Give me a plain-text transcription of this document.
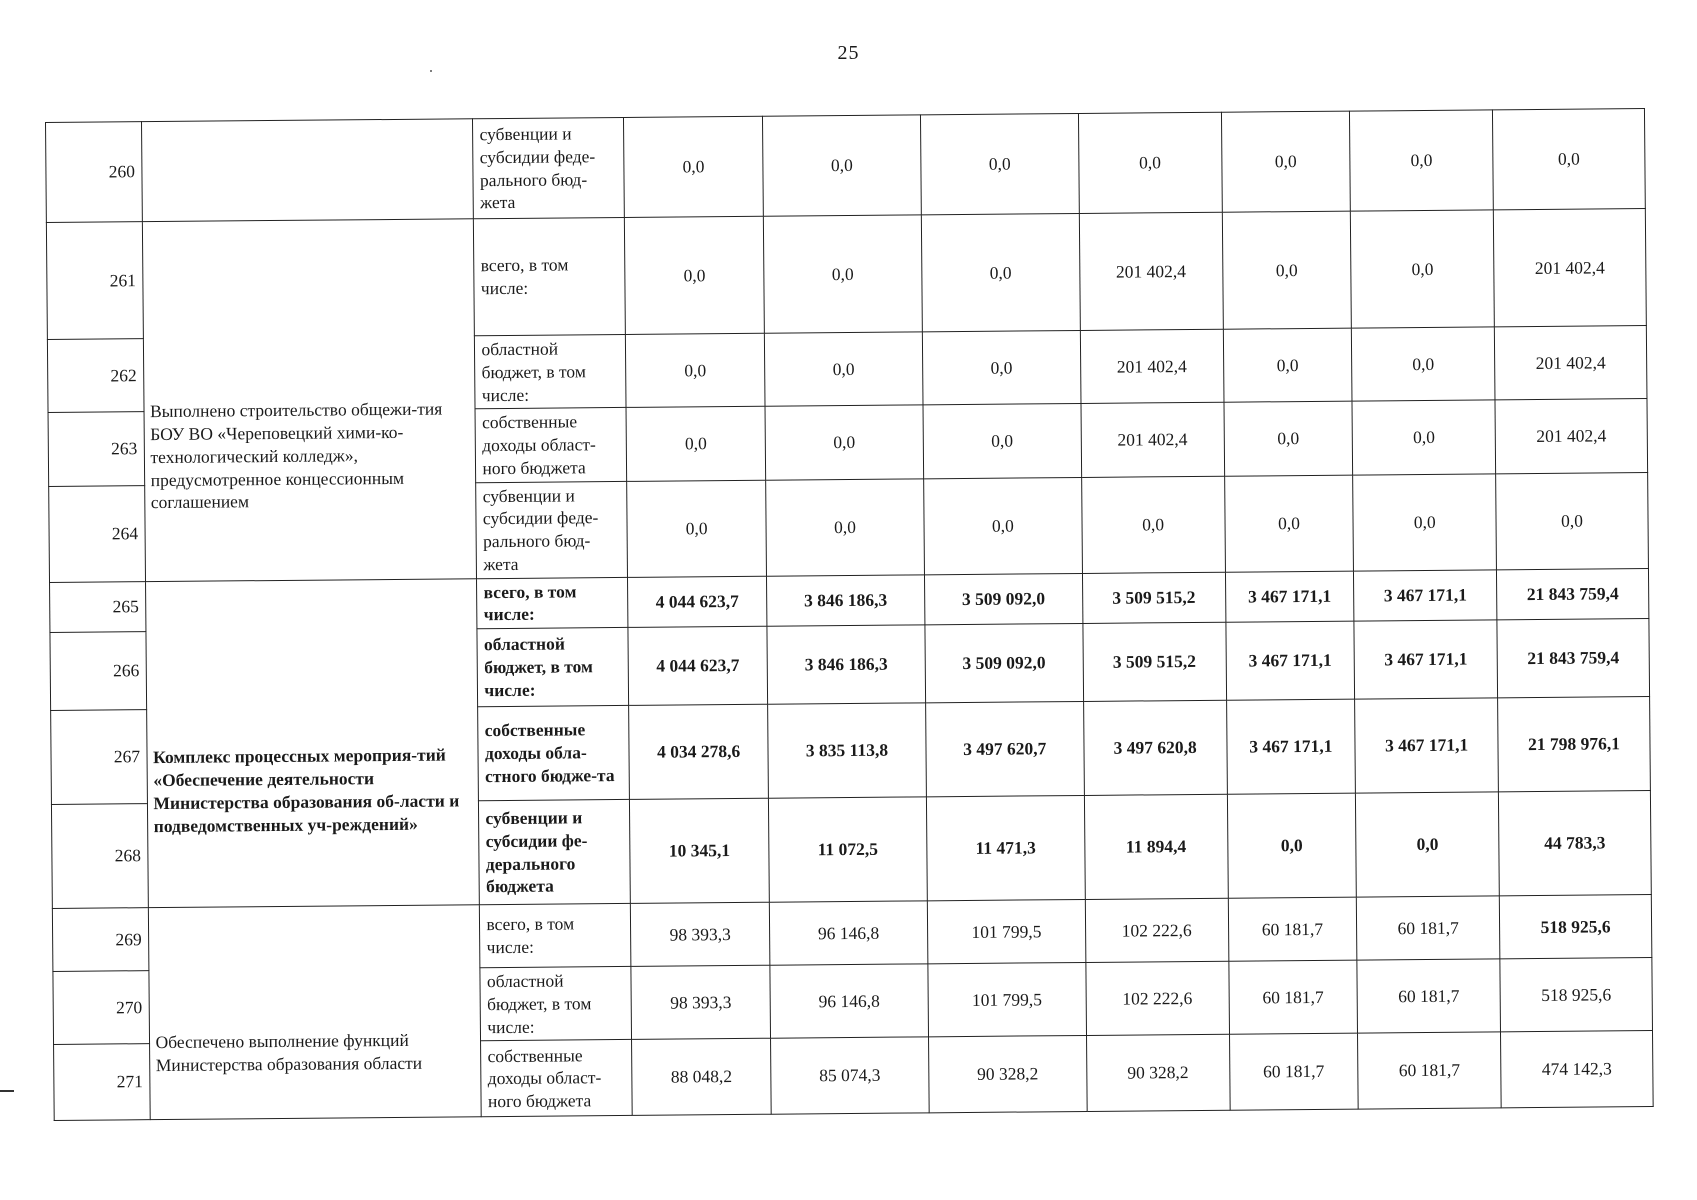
25
260		субвенции и субсидии феде-ральнoго бюд-жета	0,0	0,0	0,0	0,0	0,0	0,0	0,0
261	Выполнено строительство общежи-тия БОУ ВО «Череповецкий хими-ко-технологический колледж», предусмотренное концессионным соглашением	всего, в том числе:	0,0	0,0	0,0	201 402,4	0,0	0,0	201 402,4
262		областной бюджет, в том числе:	0,0	0,0	0,0	201 402,4	0,0	0,0	201 402,4
263		собственные доходы област-ного бюджета	0,0	0,0	0,0	201 402,4	0,0	0,0	201 402,4
264		субвенции и субсидии феде-рального бюд-жета	0,0	0,0	0,0	0,0	0,0	0,0	0,0
265	Комплекс процессных мероприя-тий «Обеспечение деятельности Министерства образования об-ласти и подведомственных уч-реждений»	всего, в том числе:	4 044 623,7	3 846 186,3	3 509 092,0	3 509 515,2	3 467 171,1	3 467 171,1	21 843 759,4
266		областной бюджет, в том числе:	4 044 623,7	3 846 186,3	3 509 092,0	3 509 515,2	3 467 171,1	3 467 171,1	21 843 759,4
267		собственные доходы обла-стного бюдже-та	4 034 278,6	3 835 113,8	3 497 620,7	3 497 620,8	3 467 171,1	3 467 171,1	21 798 976,1
268		субвенции и субсидии фе-дерального бюджета	10 345,1	11 072,5	11 471,3	11 894,4	0,0	0,0	44 783,3
269	Обеспечено выполнение функций Министерства образования области	всего, в том числе:	98 393,3	96 146,8	101 799,5	102 222,6	60 181,7	60 181,7	518 925,6
270		областной бюджет, в том числе:	98 393,3	96 146,8	101 799,5	102 222,6	60 181,7	60 181,7	518 925,6
271		собственные доходы област-ного бюджета	88 048,2	85 074,3	90 328,2	90 328,2	60 181,7	60 181,7	474 142,3
